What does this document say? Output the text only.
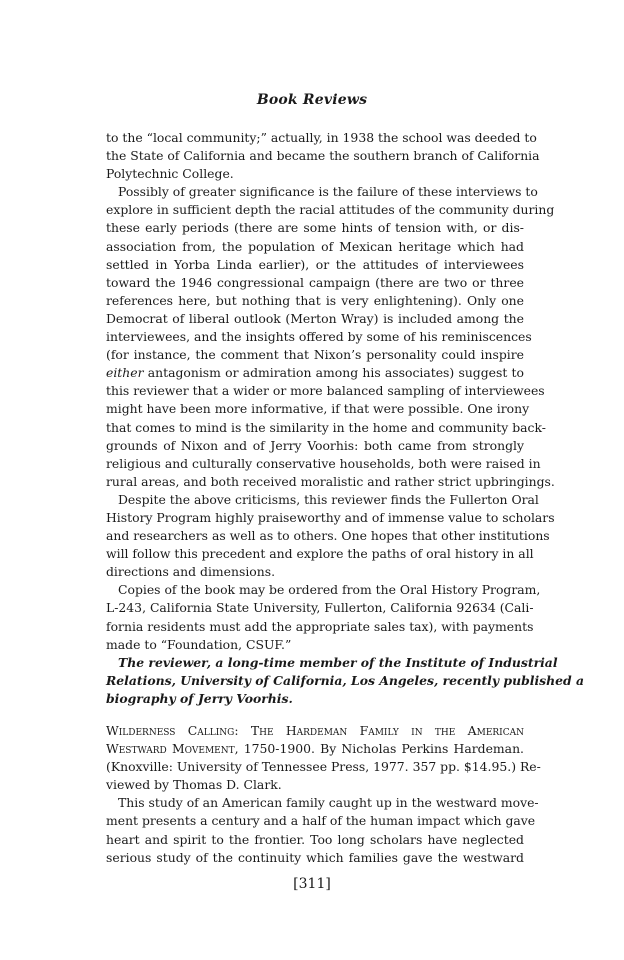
Book Reviews
to the “local community;” actually, in 1938 the school was deeded to
the State of California and became the southern branch of California
Polytechnic College.
Possibly of greater significance is the failure of these interviews to
explore in sufficient depth the racial attitudes of the community during
these early periods (there are some hints of tension with, or dis-
association from, the population of Mexican heritage which had
settled in Yorba Linda earlier), or the attitudes of interviewees
toward the 1946 congressional campaign (there are two or three
references here, but nothing that is very enlightening). Only one
Democrat of liberal outlook (Merton Wray) is included among the
interviewees, and the insights offered by some of his reminiscences
(for instance, the comment that Nixon’s personality could inspire
either antagonism or admiration among his associates) suggest to
this reviewer that a wider or more balanced sampling of interviewees
might have been more informative, if that were possible. One irony
that comes to mind is the similarity in the home and community back-
grounds of Nixon and of Jerry Voorhis: both came from strongly
religious and culturally conservative households, both were raised in
rural areas, and both received moralistic and rather strict upbringings.
Despite the above criticisms, this reviewer finds the Fullerton Oral
History Program highly praiseworthy and of immense value to scholars
and researchers as well as to others. One hopes that other institutions
will follow this precedent and explore the paths of oral history in all
directions and dimensions.
Copies of the book may be ordered from the Oral History Program,
L-243, California State University, Fullerton, California 92634 (Cali-
fornia residents must add the appropriate sales tax), with payments
made to “Foundation, CSUF.”
The reviewer, a long-time member of the Institute of Industrial
Relations, University of California, Los Angeles, recently published a
biography of Jerry Voorhis.
Wilderness Calling: The Hardeman Family in the American
Westward Movement, 1750-1900. By Nicholas Perkins Hardeman.
(Knoxville: University of Tennessee Press, 1977. 357 pp. $14.95.) Re-
viewed by Thomas D. Clark.
This study of an American family caught up in the westward move-
ment presents a century and a half of the human impact which gave
heart and spirit to the frontier. Too long scholars have neglected
serious study of the continuity which families gave the westward
[311]
